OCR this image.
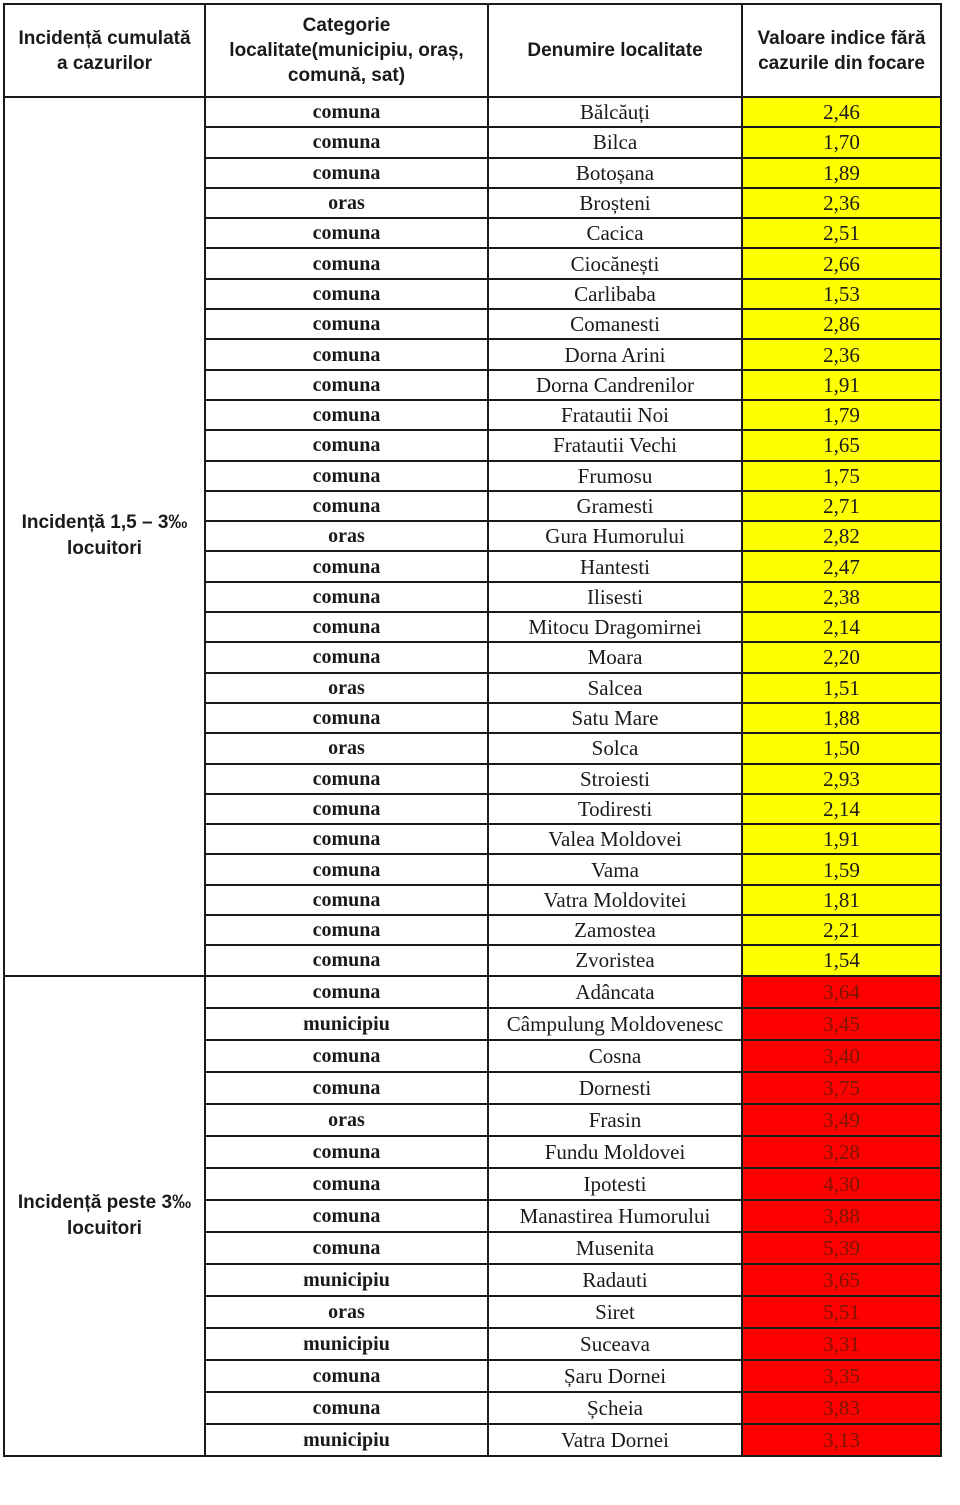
Incidență cumulată
a cazurilor	Categorie
localitate(municipiu, oraș,
comună, sat)	Denumire localitate	Valoare indice fără
cazurile din focare

Incidență 1,5 – 3‰
locuitori	comuna	Bălcăuți	2,46
	comuna	Bilca	1,70
	comuna	Botoșana	1,89
	oras	Broșteni	2,36
	comuna	Cacica	2,51
	comuna	Ciocănești	2,66
	comuna	Carlibaba	1,53
	comuna	Comanesti	2,86
	comuna	Dorna Arini	2,36
	comuna	Dorna Candrenilor	1,91
	comuna	Fratautii Noi	1,79
	comuna	Fratautii Vechi	1,65
	comuna	Frumosu	1,75
	comuna	Gramesti	2,71
	oras	Gura Humorului	2,82
	comuna	Hantesti	2,47
	comuna	Ilisesti	2,38
	comuna	Mitocu Dragomirnei	2,14
	comuna	Moara	2,20
	oras	Salcea	1,51
	comuna	Satu Mare	1,88
	oras	Solca	1,50
	comuna	Stroiesti	2,93
	comuna	Todiresti	2,14
	comuna	Valea Moldovei	1,91
	comuna	Vama	1,59
	comuna	Vatra Moldovitei	1,81
	comuna	Zamostea	2,21
	comuna	Zvoristea	1,54

Incidență peste 3‰
locuitori	comuna	Adâncata	3,64
	municipiu	Câmpulung Moldovenesc	3,45
	comuna	Cosna	3,40
	comuna	Dornesti	3,75
	oras	Frasin	3,49
	comuna	Fundu Moldovei	3,28
	comuna	Ipotesti	4,30
	comuna	Manastirea Humorului	3,88
	comuna	Musenita	5,39
	municipiu	Radauti	3,65
	oras	Siret	5,51
	municipiu	Suceava	3,31
	comuna	Șaru Dornei	3,35
	comuna	Șcheia	3,83
	municipiu	Vatra Dornei	3,13
